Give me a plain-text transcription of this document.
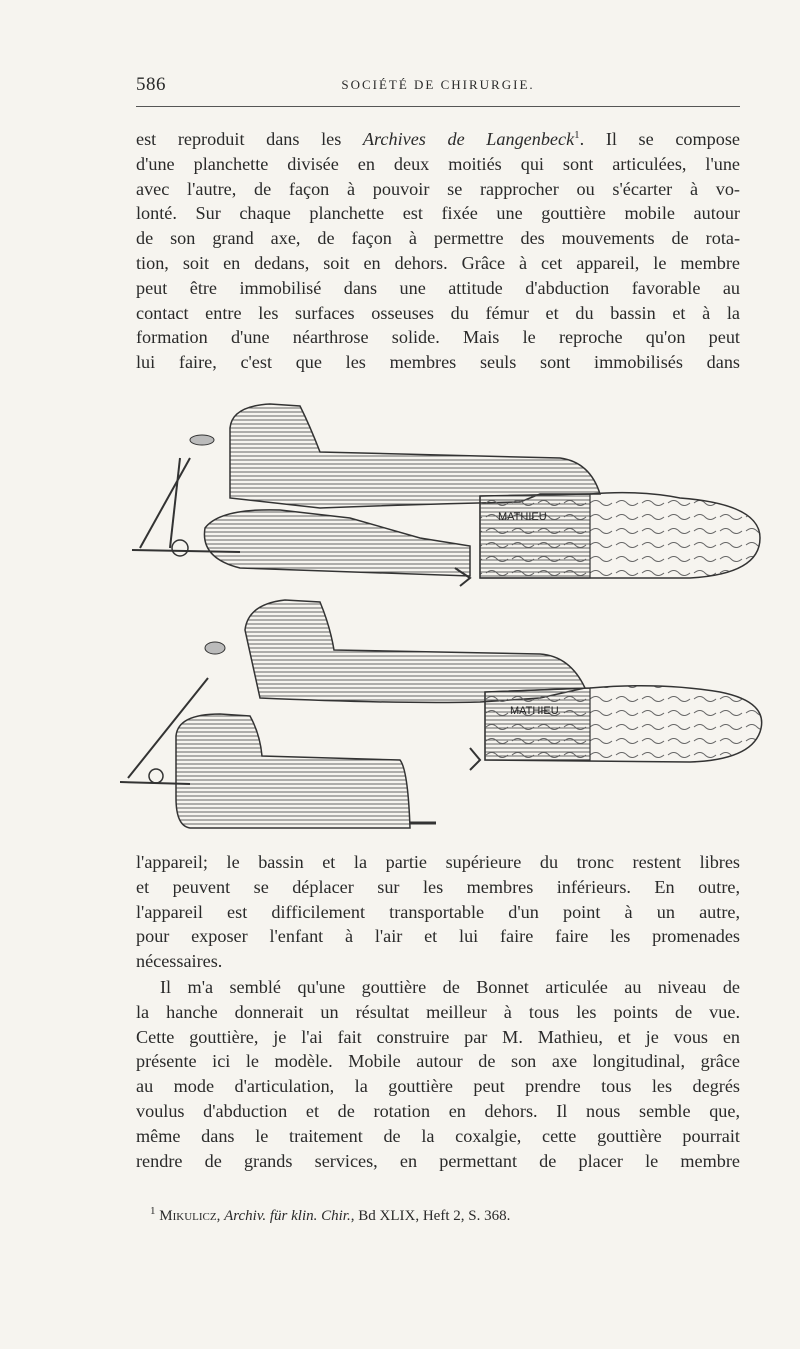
586	SOCIÉTÉ DE CHIRURGIE.
est reproduit dans les Archives de Langenbeck$^1$. Il se compose
d'une planchette divisée en deux moitiés qui sont articulées, l'une
avec l'autre, de façon à pouvoir se rapprocher ou s'écarter à vo-
lonté. Sur chaque planchette est fixée une gouttière mobile autour
de son grand axe, de façon à permettre des mouvements de rota-
tion, soit en dedans, soit en dehors. Grâce à cet appareil, le membre
peut être immobilisé dans une attitude d'abduction favorable au
contact entre les surfaces osseuses du fémur et du bassin et à la
formation d'une néarthrose solide. Mais le reproche qu'on peut
lui faire, c'est que les membres seuls sont immobilisés dans
MATHIEU
MATHIEU
l'appareil; le bassin et la partie supérieure du tronc restent libres
et peuvent se déplacer sur les membres inférieurs. En outre,
l'appareil est difficilement transportable d'un point à un autre,
pour exposer l'enfant à l'air et lui faire faire les promenades
nécessaires.
Il m'a semblé qu'une gouttière de Bonnet articulée au niveau de
la hanche donnerait un résultat meilleur à tous les points de vue.
Cette gouttière, je l'ai fait construire par M. Mathieu, et je vous en
présente ici le modèle. Mobile autour de son axe longitudinal, grâce
au mode d'articulation, la gouttière peut prendre tous les degrés
voulus d'abduction et de rotation en dehors. Il nous semble que,
même dans le traitement de la coxalgie, cette gouttière pourrait
rendre de grands services, en permettant de placer le membre
$^1$ Mikulicz, Archiv. für klin. Chir., Bd XLIX, Heft 2, S. 368.
